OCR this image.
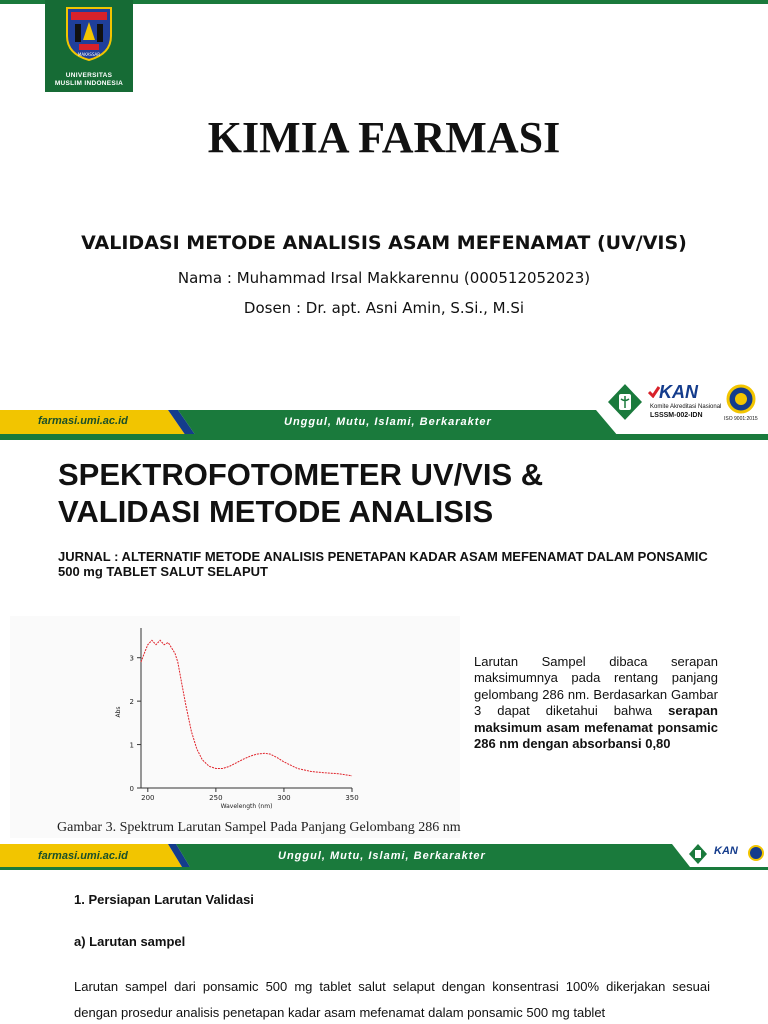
MAKASSAR
UNIVERSITAS
MUSLIM INDONESIA
KIMIA FARMASI
VALIDASI METODE ANALISIS ASAM MEFENAMAT (UV/VIS)

Nama : Muhammad Irsal Makkarennu (000512052023)

Dosen : Dr. apt. Asni Amin, S.Si., M.Si

KAN
Komite Akreditasi Nasional
LSSSM-002-IDN	ISO 9001:2015
farmasi.umi.ac.id	Unggul, Mutu, Islami, Berkarakter
SPEKTROFOTOMETER UV/VIS &
VALIDASI METODE ANALISIS

JURNAL : ALTERNATIF METODE ANALISIS PENETAPAN KADAR ASAM MEFENAMAT DALAM PONSAMIC 500 mg TABLET SALUT SELAPUT

0
1
2
3
200	250	300	350
Wavelength (nm)
Abs

Gambar 3. Spektrum Larutan Sampel Pada Panjang Gelombang 286 nm

Larutan Sampel dibaca serapan maksimumnya pada rentang panjang gelombang 286 nm. Berdasarkan Gambar 3 dapat diketahui bahwa serapan maksimum asam mefenamat ponsamic 286 nm dengan absorbansi 0,80

farmasi.umi.ac.id	Unggul, Mutu, Islami, Berkarakter	KAN
1. Persiapan Larutan Validasi
a) Larutan sampel

Larutan sampel dari ponsamic 500 mg tablet salut selaput dengan konsentrasi 100% dikerjakan sesuai dengan prosedur analisis penetapan kadar asam mefenamat dalam ponsamic 500 mg tablet
